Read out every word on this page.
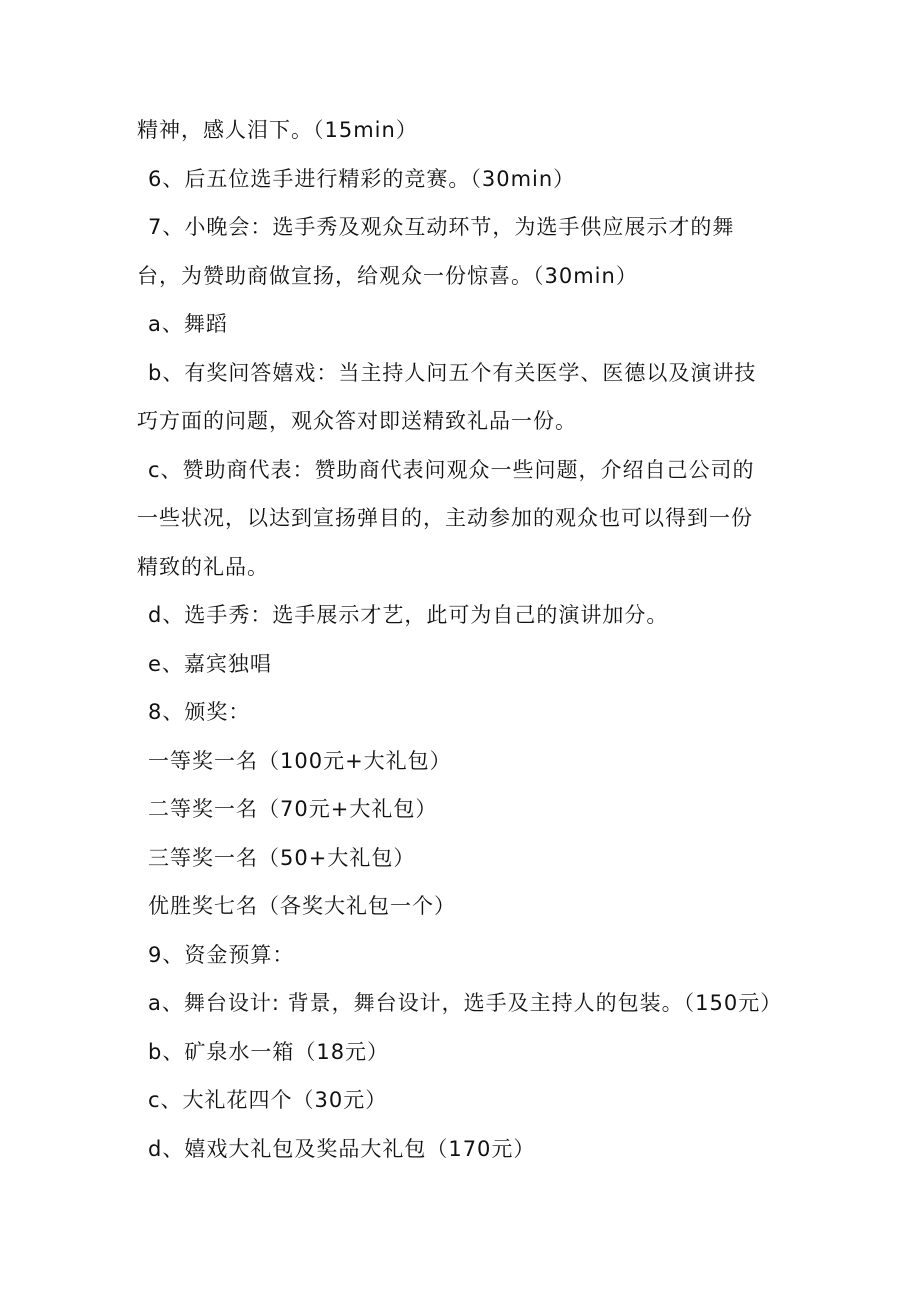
精神，感人泪下。（15min）
6、后五位选手进行精彩的竞赛。（30min）
7、小晚会：选手秀及观众互动环节，为选手供应展示才的舞
台，为赞助商做宣扬，给观众一份惊喜。（30min）
a、舞蹈
b、有奖问答嬉戏：当主持人问五个有关医学、医德以及演讲技
巧方面的问题，观众答对即送精致礼品一份。
c、赞助商代表：赞助商代表问观众一些问题，介绍自己公司的
一些状况，以达到宣扬弹目的，主动参加的观众也可以得到一份
精致的礼品。
d、选手秀：选手展示才艺，此可为自己的演讲加分。
e、嘉宾独唱
8、颁奖：
一等奖一名（100元+大礼包）
二等奖一名（70元+大礼包）
三等奖一名（50+大礼包）
优胜奖七名（各奖大礼包一个）
9、资金预算：
a、舞台设计: 背景，舞台设计，选手及主持人的包装。（150元）
b、矿泉水一箱（18元）
c、大礼花四个（30元）
d、嬉戏大礼包及奖品大礼包（170元）
